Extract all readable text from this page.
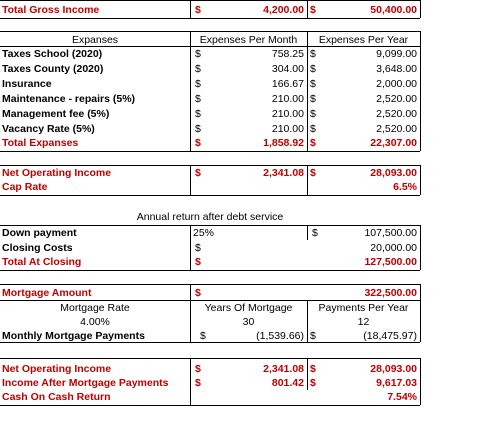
Total Gross Income	$	4,200.00 $	50,400.00
Expanses	Expenses Per Month	Expenses Per Year
Taxes School (2020)	$	758.25 $	9,099.00
Taxes County (2020)	$	304.00 $	3,648.00
Insurance	$	166.67 $	2,000.00
Maintenance - repairs (5%)	$	210.00 $	2,520.00
Management fee (5%)	$	210.00 $	2,520.00
Vacancy Rate (5%)	$	210.00 $	2,520.00
Total Expanses	$	1,858.92 $	22,307.00
Net Operating Income	$	2,341.08 $	28,093.00
Cap Rate	6.5%
Annual return after debt service
Down payment	25%	$	107,500.00
Closing Costs	$	20,000.00
Total At Closing	$	127,500.00
Mortgage Amount	$	322,500.00
Mortgage Rate	Years Of Mortgage	Payments Per Year
4.00%	30	12
Monthly Mortgage Payments	$	(1,539.66) $	(18,475.97)
Net Operating Income	$	2,341.08 $	28,093.00
Income After Mortgage Payments	$	801.42 $	9,617.03
Cash On Cash Return	7.54%
